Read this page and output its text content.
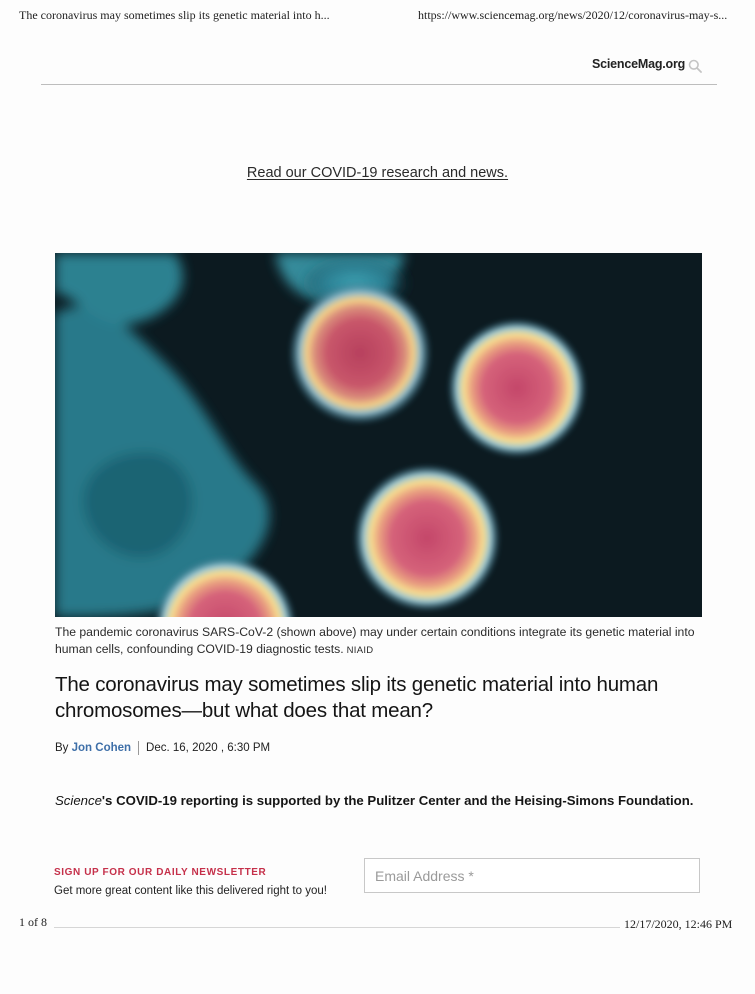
The coronavirus may sometimes slip its genetic material into h...	https://www.sciencemag.org/news/2020/12/coronavirus-may-s...
ScienceMag.org
Read our COVID-19 research and news.
The pandemic coronavirus SARS-CoV-2 (shown above) may under certain conditions integrate its genetic material into human cells, confounding COVID-19 diagnostic tests. NIAID
The coronavirus may sometimes slip its genetic material into human chromosomes—but what does that mean?
By Jon Cohen Dec. 16, 2020 , 6:30 PM
Science's COVID-19 reporting is supported by the Pulitzer Center and the Heising-Simons Foundation.
SIGN UP FOR OUR DAILY NEWSLETTER
Get more great content like this delivered right to you!
Email Address *
1 of 8	12/17/2020, 12:46 PM
